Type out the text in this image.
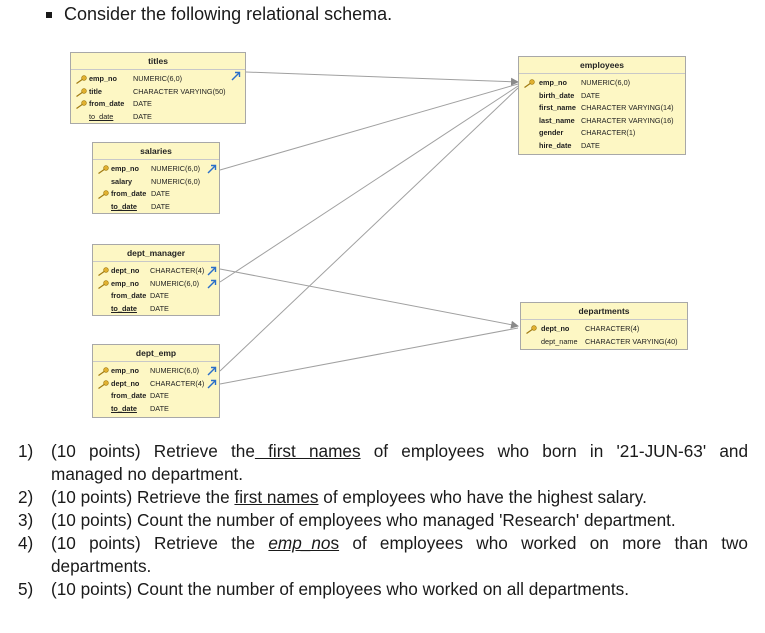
Consider the following relational schema.
titles
emp_no NUMERIC(6,0)
title	CHARACTER VARYING(50)
from_date DATE
to_date	DATE
salaries
emp_no NUMERIC(6,0)
salary	NUMERIC(6,0)
from_date DATE
to_date DATE
dept_manager
dept_no CHARACTER(4)
emp_no NUMERIC(6,0)
from_date DATE
to_date DATE
dept_emp
emp_no NUMERIC(6,0)
dept_no CHARACTER(4)
from_date DATE
to_date DATE
employees
emp_no NUMERIC(6,0)
birth_date DATE
first_name CHARACTER VARYING(14)
last_name CHARACTER VARYING(16)
gender CHARACTER(1)
hire_date DATE
departments
dept_no CHARACTER(4)
dept_name CHARACTER VARYING(40)
1) (10 points) Retrieve the first names of employees who born in '21-JUN-63' and
managed no department.
2) (10 points) Retrieve the first names of employees who have the highest salary.
3) (10 points) Count the number of employees who managed 'Research' department.
4) (10 points) Retrieve the emp_nos of employees who worked on more than two
departments.
5) (10 points) Count the number of employees who worked on all departments.
